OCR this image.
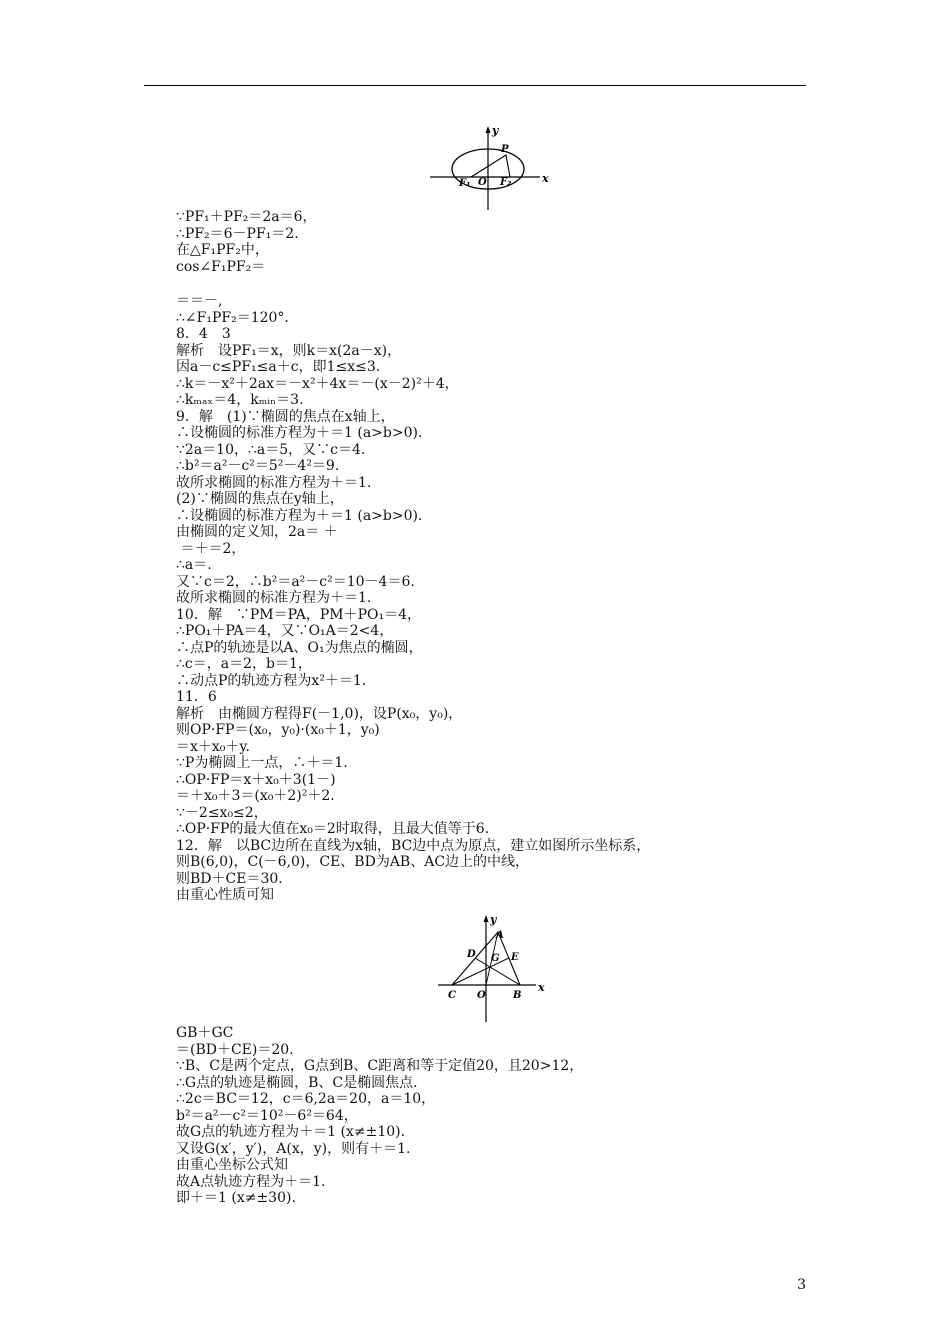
y
x
P
F₁ O F₂
∵PF₁＋PF₂＝2a＝6，
∴PF₂＝6－PF₁＝2.
在△F₁PF₂中，
cos∠F₁PF₂＝
＝＝－,
∴∠F₁PF₂＝120°．
8．4　3
解析　设PF₁＝x，则k＝x(2a－x)，
因a－c≤PF₁≤a＋c，即1≤x≤3.
∴k＝－x²＋2ax＝－x²＋4x＝－(x－2)²＋4，
∴kₘₐₓ＝4，kₘᵢₙ＝3.
9．解　(1)∵椭圆的焦点在x轴上，
∴设椭圆的标准方程为＋＝1 (a>b>0)．
∵2a＝10，∴a＝5，又∵c＝4.
∴b²＝a²－c²＝5²－4²＝9.
故所求椭圆的标准方程为＋＝1.
(2)∵椭圆的焦点在y轴上，
∴设椭圆的标准方程为＋＝1 (a>b>0)．
由椭圆的定义知，2a＝ ＋
＝＋＝2，
∴a＝.
又∵c＝2，∴b²＝a²－c²＝10－4＝6.
故所求椭圆的标准方程为＋＝1.
10．解　∵PM＝PA，PM＋PO₁＝4，
∴PO₁＋PA＝4，又∵O₁A＝2<4，
∴点P的轨迹是以A、O₁为焦点的椭圆，
∴c＝，a＝2，b＝1，
∴动点P的轨迹方程为x²＋＝1.
11．6
解析　由椭圆方程得F(－1,0)，设P(x₀，y₀)，
则OP·FP＝(x₀，y₀)·(x₀＋1，y₀)
＝x＋x₀＋y.
∵P为椭圆上一点，∴＋＝1.
∴OP·FP＝x＋x₀＋3(1－)
＝＋x₀＋3＝(x₀＋2)²＋2.
∵－2≤x₀≤2，
∴OP·FP的最大值在x₀＝2时取得，且最大值等于6.
12．解　以BC边所在直线为x轴，BC边中点为原点，建立如图所示坐标系，
则B(6,0)，C(－6,0)，CE、BD为AB、AC边上的中线，
则BD＋CE＝30.
由重心性质可知
y
x
A
D G E
C O	B
GB＋GC
＝(BD＋CE)＝20.
∵B、C是两个定点，G点到B、C距离和等于定值20，且20>12，
∴G点的轨迹是椭圆，B、C是椭圆焦点.
∴2c＝BC＝12，c＝6,2a＝20，a＝10，
b²＝a²－c²＝10²－6²＝64，
故G点的轨迹方程为＋＝1 (x≠±10)．
又设G(x′，y′)，A(x，y)，则有＋＝1.
由重心坐标公式知
故A点轨迹方程为＋＝1.
即＋＝1 (x≠±30)．
3
